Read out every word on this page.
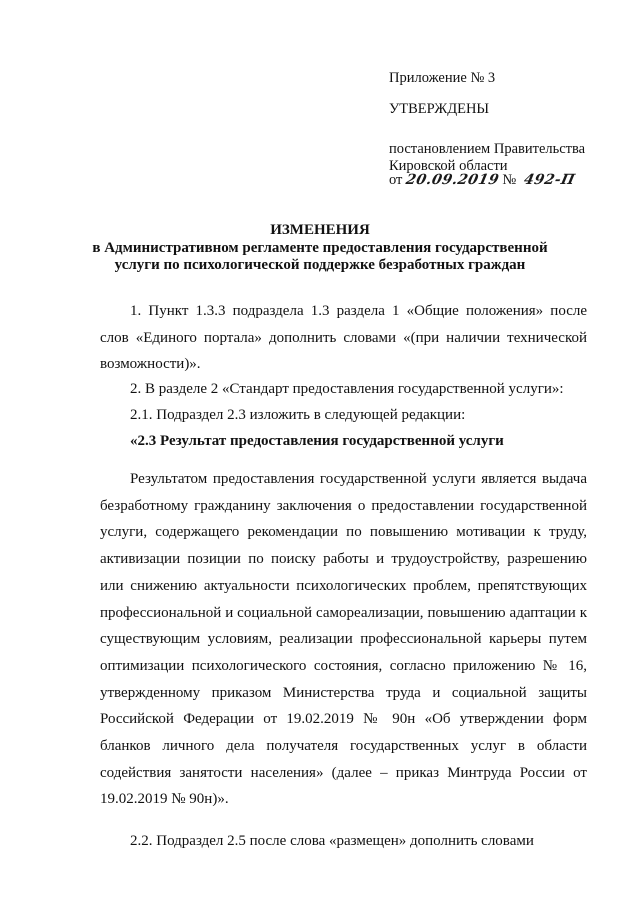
Приложение № 3
УТВЕРЖДЕНЫ
постановлением Правительства
Кировской области
от 20.09.2019 № 492-П
ИЗМЕНЕНИЯ
в Административном регламенте предоставления государственной
услуги по психологической поддержке безработных граждан
1. Пункт 1.3.3 подраздела 1.3 раздела 1 «Общие положения» после слов «Единого портала» дополнить словами «(при наличии технической возможности)».
2. В разделе 2 «Стандарт предоставления государственной услуги»:
2.1. Подраздел 2.3 изложить в следующей редакции:
«2.3 Результат предоставления государственной услуги
Результатом предоставления государственной услуги является выдача безработному гражданину заключения о предоставлении государственной услуги, содержащего рекомендации по повышению мотивации к труду, активизации позиции по поиску работы и трудоустройству, разрешению или снижению актуальности психологических проблем, препятствующих профессиональной и социальной самореализации, повышению адаптации к существующим условиям, реализации профессиональной карьеры путем оптимизации психологического состояния, согласно приложению № 16, утвержденному приказом Министерства труда и социальной защиты Российской Федерации от 19.02.2019 № 90н «Об утверждении форм бланков личного дела получателя государственных услуг в области содействия занятости населения» (далее – приказ Минтруда России от 19.02.2019 № 90н)».
2.2. Подраздел 2.5 после слова «размещен» дополнить словами
